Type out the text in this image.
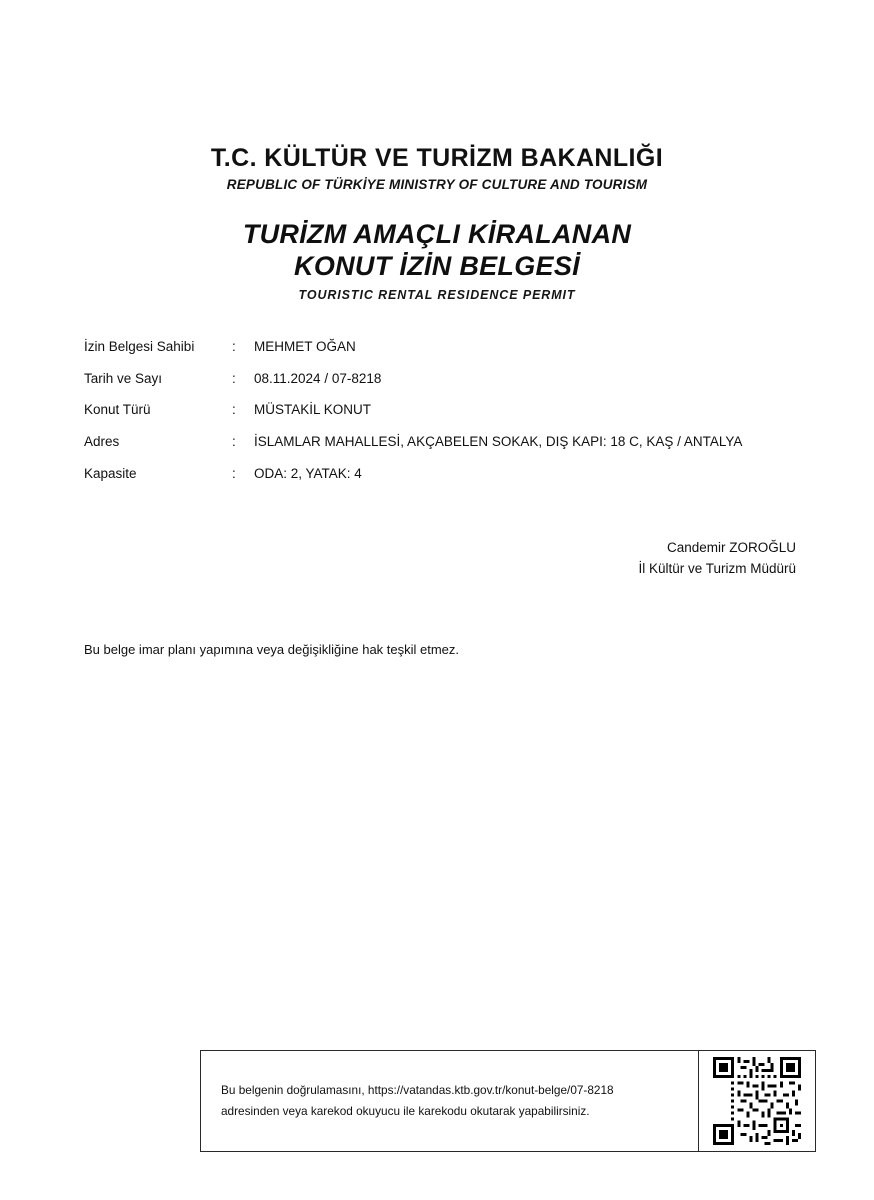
T.C. KÜLTÜR VE TURİZM BAKANLIĞI
REPUBLIC OF TÜRKİYE MINISTRY OF CULTURE AND TOURISM
TURİZM AMAÇLI KİRALANAN
KONUT İZİN BELGESİ
TOURISTIC RENTAL RESIDENCE PERMIT
İzin Belgesi Sahibi	:	MEHMET OĞAN
Tarih ve Sayı	:	08.11.2024 / 07-8218
Konut Türü	:	MÜSTAKİL KONUT
Adres	:	İSLAMLAR MAHALLESİ, AKÇABELEN SOKAK, DIŞ KAPI: 18 C, KAŞ / ANTALYA
Kapasite	:	ODA: 2, YATAK: 4
Candemir ZOROĞLU
İl Kültür ve Turizm Müdürü
Bu belge imar planı yapımına veya değişikliğine hak teşkil etmez.
Bu belgenin doğrulamasını, https://vatandas.ktb.gov.tr/konut-belge/07-8218
adresinden veya karekod okuyucu ile karekodu okutarak yapabilirsiniz.
